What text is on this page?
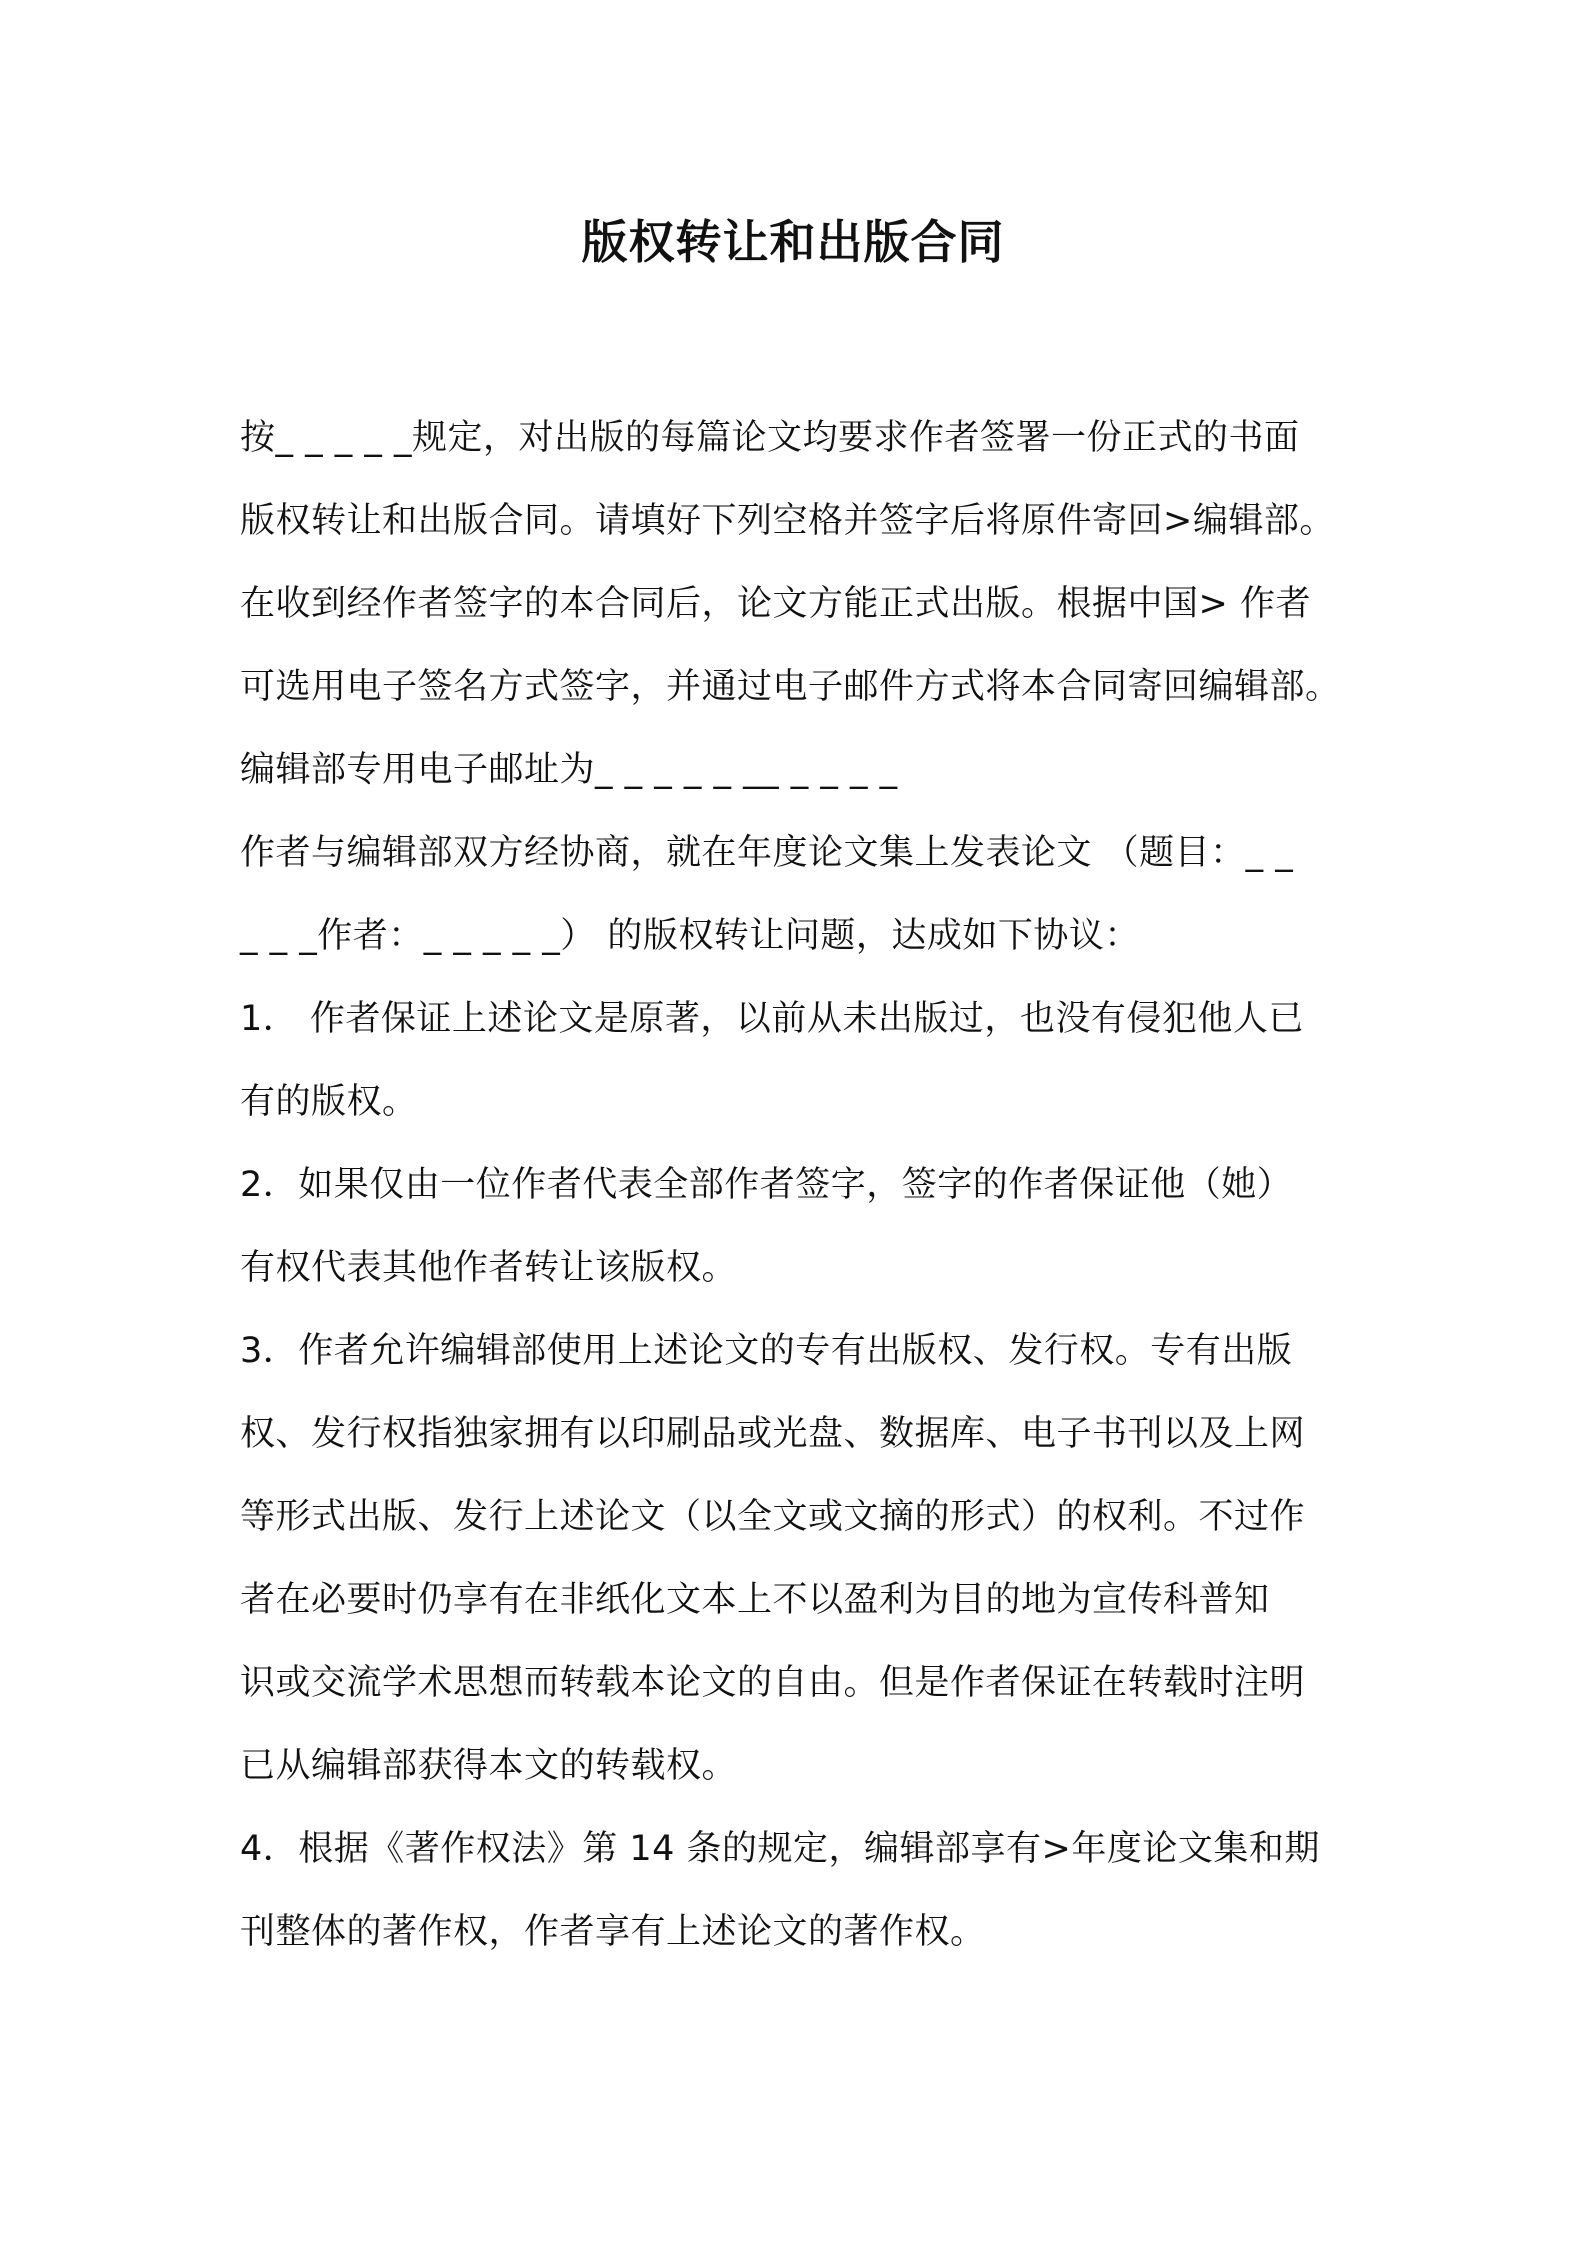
版权转让和出版合同
按_ _ _ _ _规定，对出版的每篇论文均要求作者签署一份正式的书面
版权转让和出版合同。请填好下列空格并签字后将原件寄回>编辑部。
在收到经作者签字的本合同后，论文方能正式出版。根据中国> 作者
可选用电子签名方式签字，并通过电子邮件方式将本合同寄回编辑部。
编辑部专用电子邮址为_ _ _ _ _ __ _ _ _ _
作者与编辑部双方经协商，就在年度论文集上发表论文 （题目：_ _
_ _ _作者：_ _ _ _ _） 的版权转让问题，达成如下协议：
1． 作者保证上述论文是原著，以前从未出版过，也没有侵犯他人已
有的版权。
2．如果仅由一位作者代表全部作者签字，签字的作者保证他（她）
有权代表其他作者转让该版权。
3．作者允许编辑部使用上述论文的专有出版权、发行权。专有出版
权、发行权指独家拥有以印刷品或光盘、数据库、电子书刊以及上网
等形式出版、发行上述论文（以全文或文摘的形式）的权利。不过作
者在必要时仍享有在非纸化文本上不以盈利为目的地为宣传科普知
识或交流学术思想而转载本论文的自由。但是作者保证在转载时注明
已从编辑部获得本文的转载权。
4．根据《著作权法》第 14 条的规定，编辑部享有>年度论文集和期
刊整体的著作权，作者享有上述论文的著作权。
